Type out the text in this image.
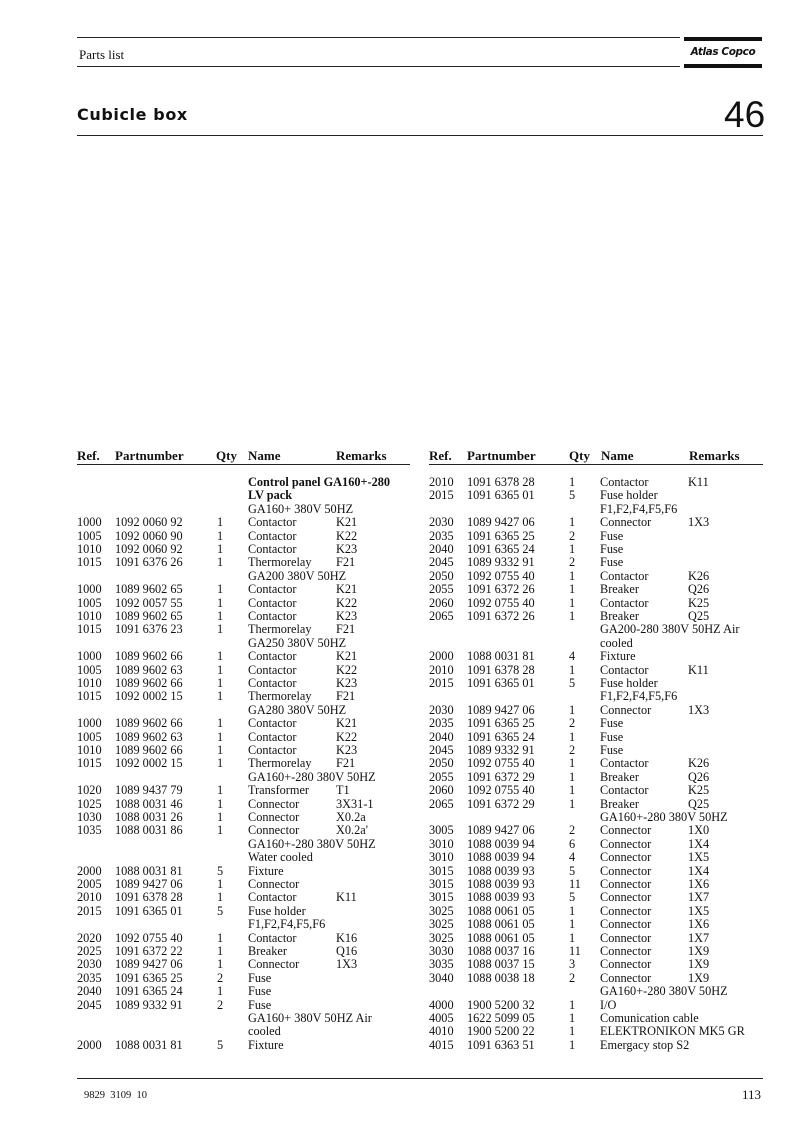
Parts list	Atlas Copco
Cubicle box	46
Ref. Partnumber Qty Name	Remarks	Ref. Partnumber	Qty Name	Remarks
Control panel GA160+-280
LV pack
GA160+ 380V 50HZ
1000 1092 0060 92	1 Contactor	K21
1005 1092 0060 90	1 Contactor	K22
1010 1092 0060 92	1 Contactor	K23
1015 1091 6376 26	1 Thermorelay F21
GA200 380V 50HZ
1000 1089 9602 65	1 Contactor	K21
1005 1092 0057 55	1 Contactor	K22
1010 1089 9602 65	1 Contactor	K23
1015 1091 6376 23	1 Thermorelay F21
GA250 380V 50HZ
1000 1089 9602 66	1 Contactor	K21
1005 1089 9602 63	1 Contactor	K22
1010 1089 9602 66	1 Contactor	K23
1015 1092 0002 15	1 Thermorelay F21
GA280 380V 50HZ
1000 1089 9602 66	1 Contactor	K21
1005 1089 9602 63	1 Contactor	K22
1010 1089 9602 66	1 Contactor	K23
1015 1092 0002 15	1 Thermorelay F21
GA160+-280 380V 50HZ
1020 1089 9437 79	1 Transformer T1
1025 1088 0031 46	1 Connector	3X31-1
1030 1088 0031 26	1 Connector	X0.2a
1035 1088 0031 86	1 Connector	X0.2a'
GA160+-280 380V 50HZ
Water cooled
2000 1088 0031 81	5 Fixture
2005 1089 9427 06	1 Connector
2010 1091 6378 28	1 Contactor	K11
2015 1091 6365 01	5 Fuse holder
F1,F2,F4,F5,F6
2020 1092 0755 40	1 Contactor	K16
2025 1091 6372 22	1 Breaker	Q16
2030 1089 9427 06	1 Connector	1X3
2035 1091 6365 25	2 Fuse
2040 1091 6365 24	1 Fuse
2045 1089 9332 91	2 Fuse
GA160+ 380V 50HZ Air
cooled
2000 1088 0031 81	5 Fixture
2010 1091 6378 28	1 Contactor	K11
2015 1091 6365 01	5 Fuse holder
F1,F2,F4,F5,F6
2030 1089 9427 06	1 Connector	1X3
2035 1091 6365 25	2 Fuse
2040 1091 6365 24	1 Fuse
2045 1089 9332 91	2 Fuse
2050 1092 0755 40	1 Contactor	K26
2055 1091 6372 26	1 Breaker	Q26
2060 1092 0755 40	1 Contactor	K25
2065 1091 6372 26	1 Breaker	Q25
GA200-280 380V 50HZ Air
cooled
2000 1088 0031 81	4 Fixture
2010 1091 6378 28	1 Contactor	K11
2015 1091 6365 01	5 Fuse holder
F1,F2,F4,F5,F6
2030 1089 9427 06	1 Connector	1X3
2035 1091 6365 25	2 Fuse
2040 1091 6365 24	1 Fuse
2045 1089 9332 91	2 Fuse
2050 1092 0755 40	1 Contactor	K26
2055 1091 6372 29	1 Breaker	Q26
2060 1092 0755 40	1 Contactor	K25
2065 1091 6372 29	1 Breaker	Q25
GA160+-280 380V 50HZ
3005 1089 9427 06	2 Connector	1X0
3010 1088 0039 94	6 Connector	1X4
3010 1088 0039 94	4 Connector	1X5
3015 1088 0039 93	5 Connector	1X4
3015 1088 0039 93	11 Connector	1X6
3015 1088 0039 93	5 Connector	1X7
3025 1088 0061 05	1 Connector	1X5
3025 1088 0061 05	1 Connector	1X6
3025 1088 0061 05	1 Connector	1X7
3030 1088 0037 16	11 Connector	1X9
3035 1088 0037 15	3 Connector	1X9
3040 1088 0038 18	2 Connector	1X9
GA160+-280 380V 50HZ
4000 1900 5200 32	1 I/O
4005 1622 5099 05	1 Comunication cable
4010 1900 5200 22	1 ELEKTRONIKON MK5 GR
4015 1091 6363 51	1 Emergacy stop S2
9829  3109  10	113
